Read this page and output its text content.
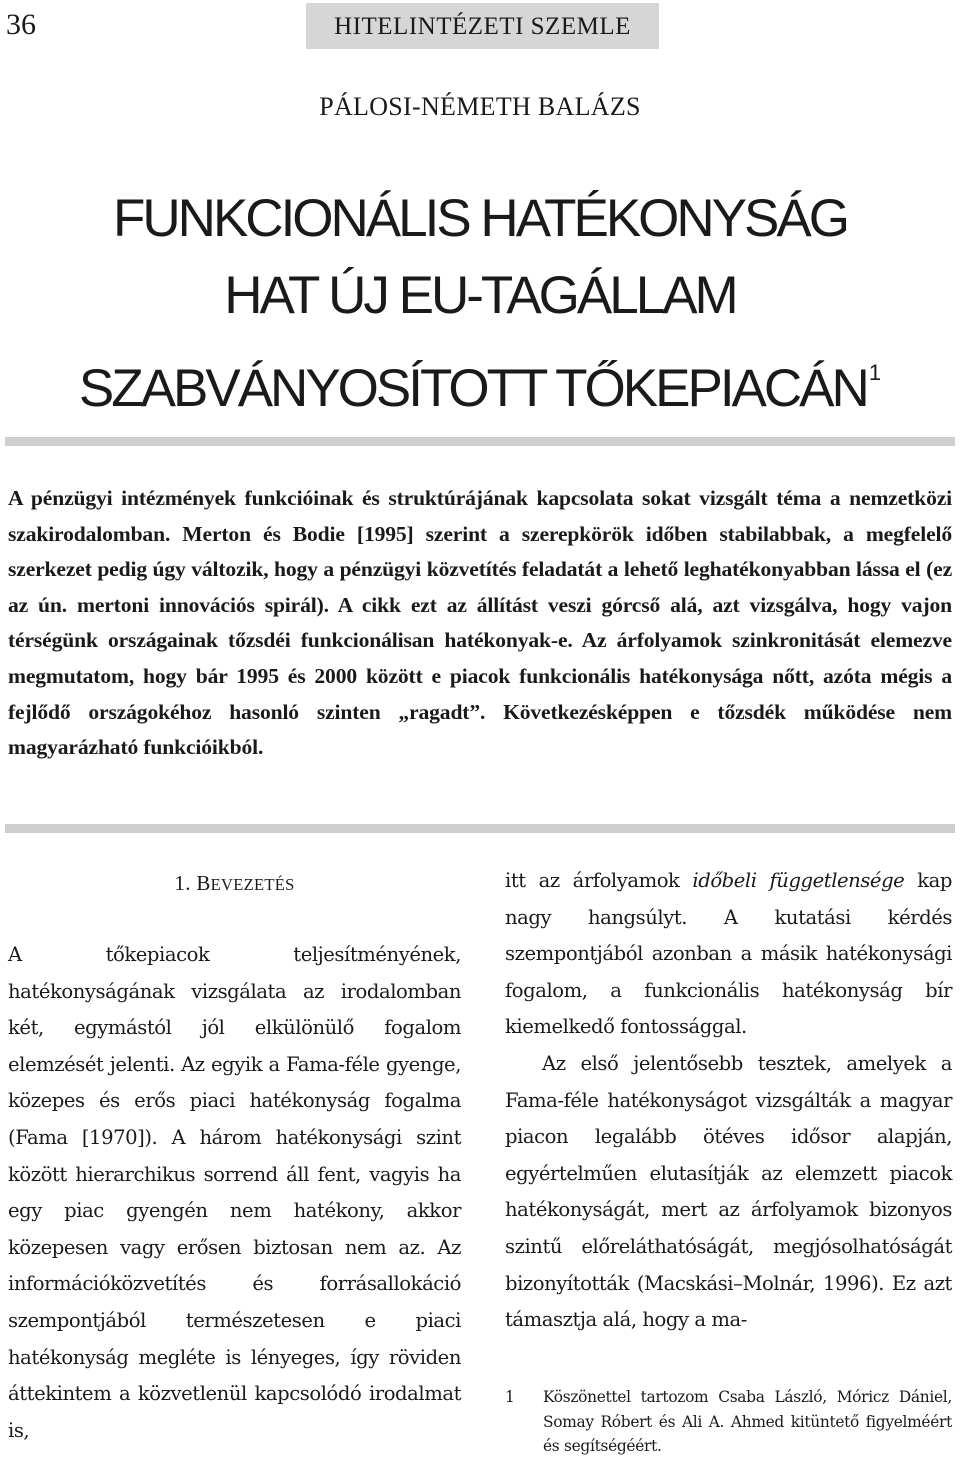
36	HITELINTÉZETI SZEMLE
PÁLOSI-NÉMETH BALÁZS
FUNKCIONÁLIS HATÉKONYSÁG
HAT ÚJ EU-TAGÁLLAM
SZABVÁNYOSÍTOTT TŐKEPIACÁN$^1$
A pénzügyi intézmények funkcióinak és struktúrájának kapcsolata sokat vizsgált téma a nemzetközi szakirodalomban. Merton és Bodie [1995] szerint a szerepkörök időben stabilabbak, a megfelelő szerkezet pedig úgy változik, hogy a pénzügyi közvetítés feladatát a lehető leghatékonyabban lássa el (ez az ún. mertoni innovációs spirál). A cikk ezt az állítást veszi górcső alá, azt vizsgálva, hogy vajon térségünk országainak tőzsdéi funkcionálisan hatékonyak-e. Az árfolyamok szinkronitását elemezve megmutatom, hogy bár 1995 és 2000 között e piacok funkcionális hatékonysága nőtt, azóta mégis a fejlődő országokéhoz hasonló szinten „ragadt”. Következésképpen e tőzsdék működése nem magyarázható funkcióikból.
1. BEVEZETÉS

A tőkepiacok teljesítményének, hatékonyságának vizsgálata az irodalomban két, egymástól jól elkülönülő fogalom elemzését jelenti. Az egyik a Fama-féle gyenge, közepes és erős piaci hatékonyság fogalma (Fama [1970]). A három hatékonysági szint között hierarchikus sorrend áll fent, vagyis ha egy piac gyengén nem hatékony, akkor közepesen vagy erősen biztosan nem az. Az információközvetítés és forrásallokáció szempontjából természetesen e piaci hatékonyság megléte is lényeges, így röviden áttekintem a közvetlenül kapcsolódó irodalmat is,

itt az árfolyamok időbeli függetlensége kap nagy hangsúlyt. A kutatási kérdés szempontjából azonban a másik hatékonysági fogalom, a funkcionális hatékonyság bír kiemelkedő fontossággal.

Az első jelentősebb tesztek, amelyek a Fama-féle hatékonyságot vizsgálták a magyar piacon legalább ötéves idősor alapján, egyértelműen elutasítják az elemzett piacok hatékonyságát, mert az árfolyamok bizonyos szintű előreláthatóságát, megjósolhatóságát bizonyították (Macskási–Molnár, 1996). Ez azt támasztja alá, hogy a ma-

1 Köszönettel tartozom Csaba László, Móricz Dániel, Somay Róbert és Ali A. Ahmed kitüntető figyelméért és segítségéért.
